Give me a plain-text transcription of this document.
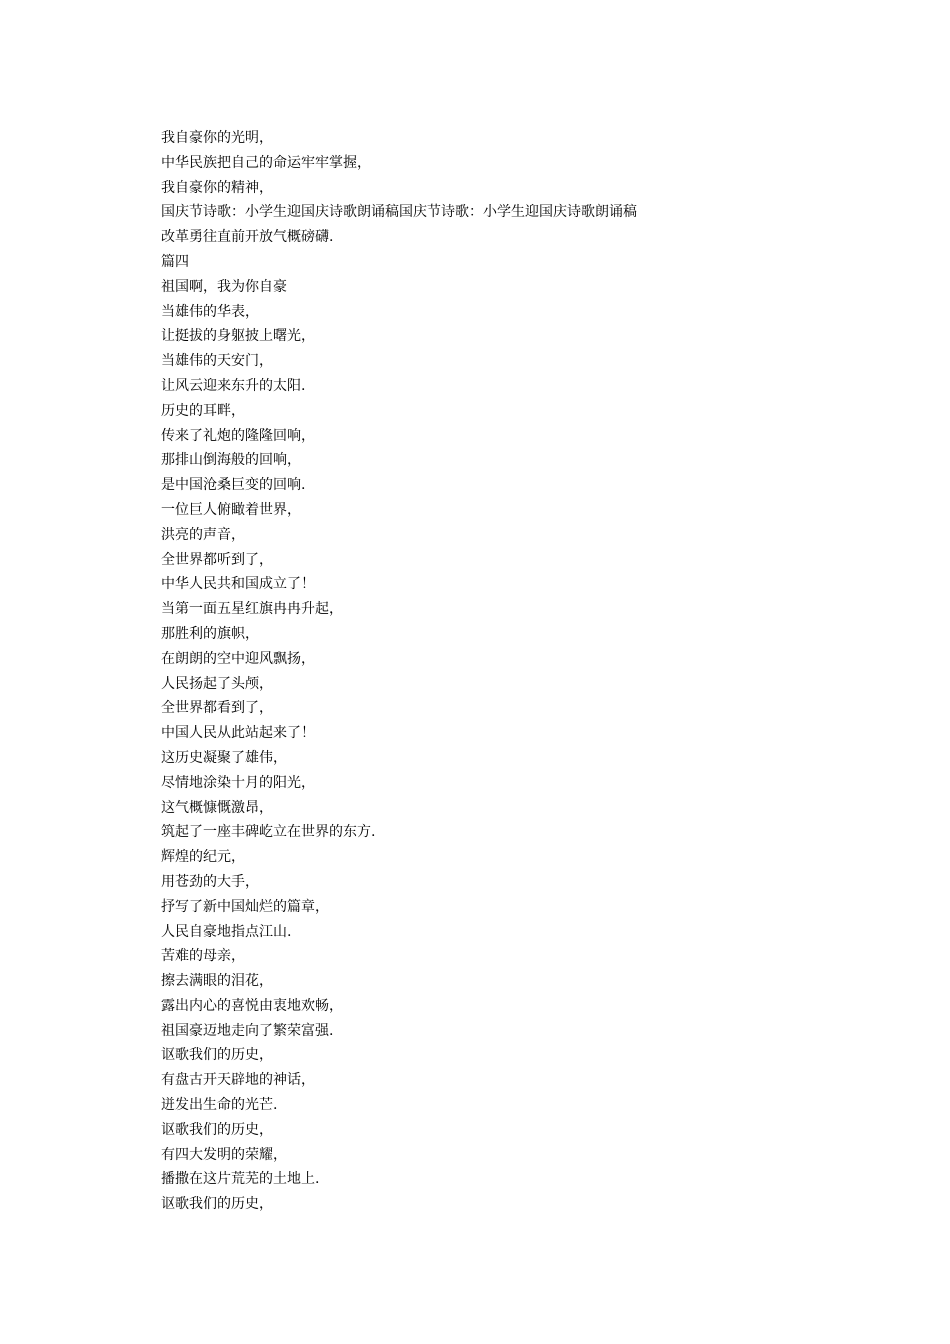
我自豪你的光明，
中华民族把自己的命运牢牢掌握，
我自豪你的精神，
国庆节诗歌：小学生迎国庆诗歌朗诵稿国庆节诗歌：小学生迎国庆诗歌朗诵稿
改革勇往直前开放气概磅礴.
篇四
祖国啊，我为你自豪
当雄伟的华表，
让挺拔的身躯披上曙光，
当雄伟的天安门，
让风云迎来东升的太阳.
历史的耳畔，
传来了礼炮的隆隆回响，
那排山倒海般的回响，
是中国沧桑巨变的回响.
一位巨人俯瞰着世界，
洪亮的声音，
全世界都听到了，
中华人民共和国成立了！
当第一面五星红旗冉冉升起，
那胜利的旗帜，
在朗朗的空中迎风飘扬，
人民扬起了头颅，
全世界都看到了，
中国人民从此站起来了！
这历史凝聚了雄伟，
尽情地涂染十月的阳光，
这气概慷慨激昂，
筑起了一座丰碑屹立在世界的东方.
辉煌的纪元，
用苍劲的大手，
抒写了新中国灿烂的篇章，
人民自豪地指点江山.
苦难的母亲，
擦去满眼的泪花，
露出内心的喜悦由衷地欢畅，
祖国豪迈地走向了繁荣富强.
讴歌我们的历史，
有盘古开天辟地的神话，
迸发出生命的光芒.
讴歌我们的历史，
有四大发明的荣耀，
播撒在这片荒芜的土地上.
讴歌我们的历史，
